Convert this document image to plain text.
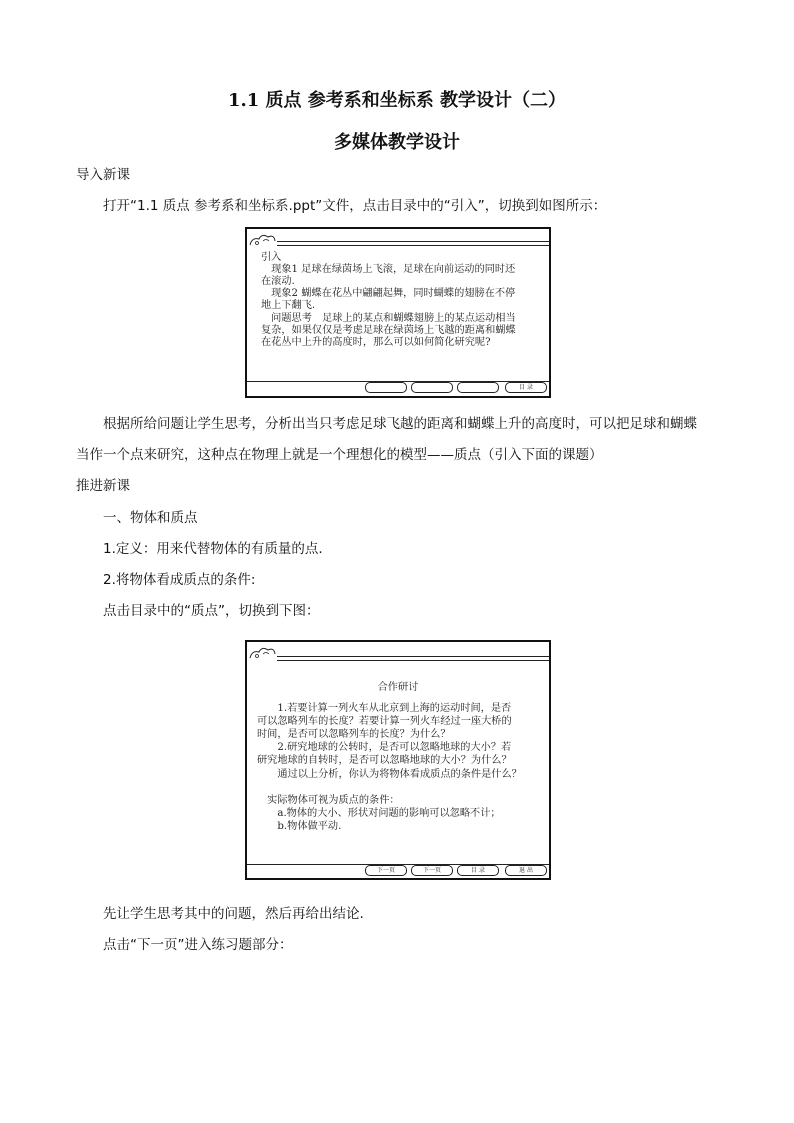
1.1 质点 参考系和坐标系 教学设计（二）
多媒体教学设计
导入新课
打开“1.1 质点 参考系和坐标系.ppt”文件，点击目录中的“引入”，切换到如图所示：
引入
　现象1 足球在绿茵场上飞滚，足球在向前运动的同时还
在滚动.
　现象2 蝴蝶在花丛中翩翩起舞，同时蝴蝶的翅膀在不停
地上下翻飞.
　问题思考　足球上的某点和蝴蝶翅膀上的某点运动相当
复杂，如果仅仅是考虑足球在绿茵场上飞越的距离和蝴蝶
在花丛中上升的高度时，那么可以如何简化研究呢?
目 录
根据所给问题让学生思考，分析出当只考虑足球飞越的距离和蝴蝶上升的高度时，可以把足球和蝴蝶
当作一个点来研究，这种点在物理上就是一个理想化的模型——质点（引入下面的课题）
推进新课
一、物体和质点
1.定义：用来代替物体的有质量的点.
2.将物体看成质点的条件:
点击目录中的“质点”，切换到下图：
合作研讨
　　1.若要计算一列火车从北京到上海的运动时间，是否
可以忽略列车的长度？若要计算一列火车经过一座大桥的
时间，是否可以忽略列车的长度？为什么？
　　2.研究地球的公转时，是否可以忽略地球的大小？若
研究地球的自转时，是否可以忽略地球的大小？为什么？
　　通过以上分析，你认为将物体看成质点的条件是什么？
　实际物体可视为质点的条件：
　　a.物体的大小、形状对问题的影响可以忽略不计；
　　b.物体做平动.
下一页	下一页	目 录	退 出
先让学生思考其中的问题，然后再给出结论.
点击“下一页”进入练习题部分：
